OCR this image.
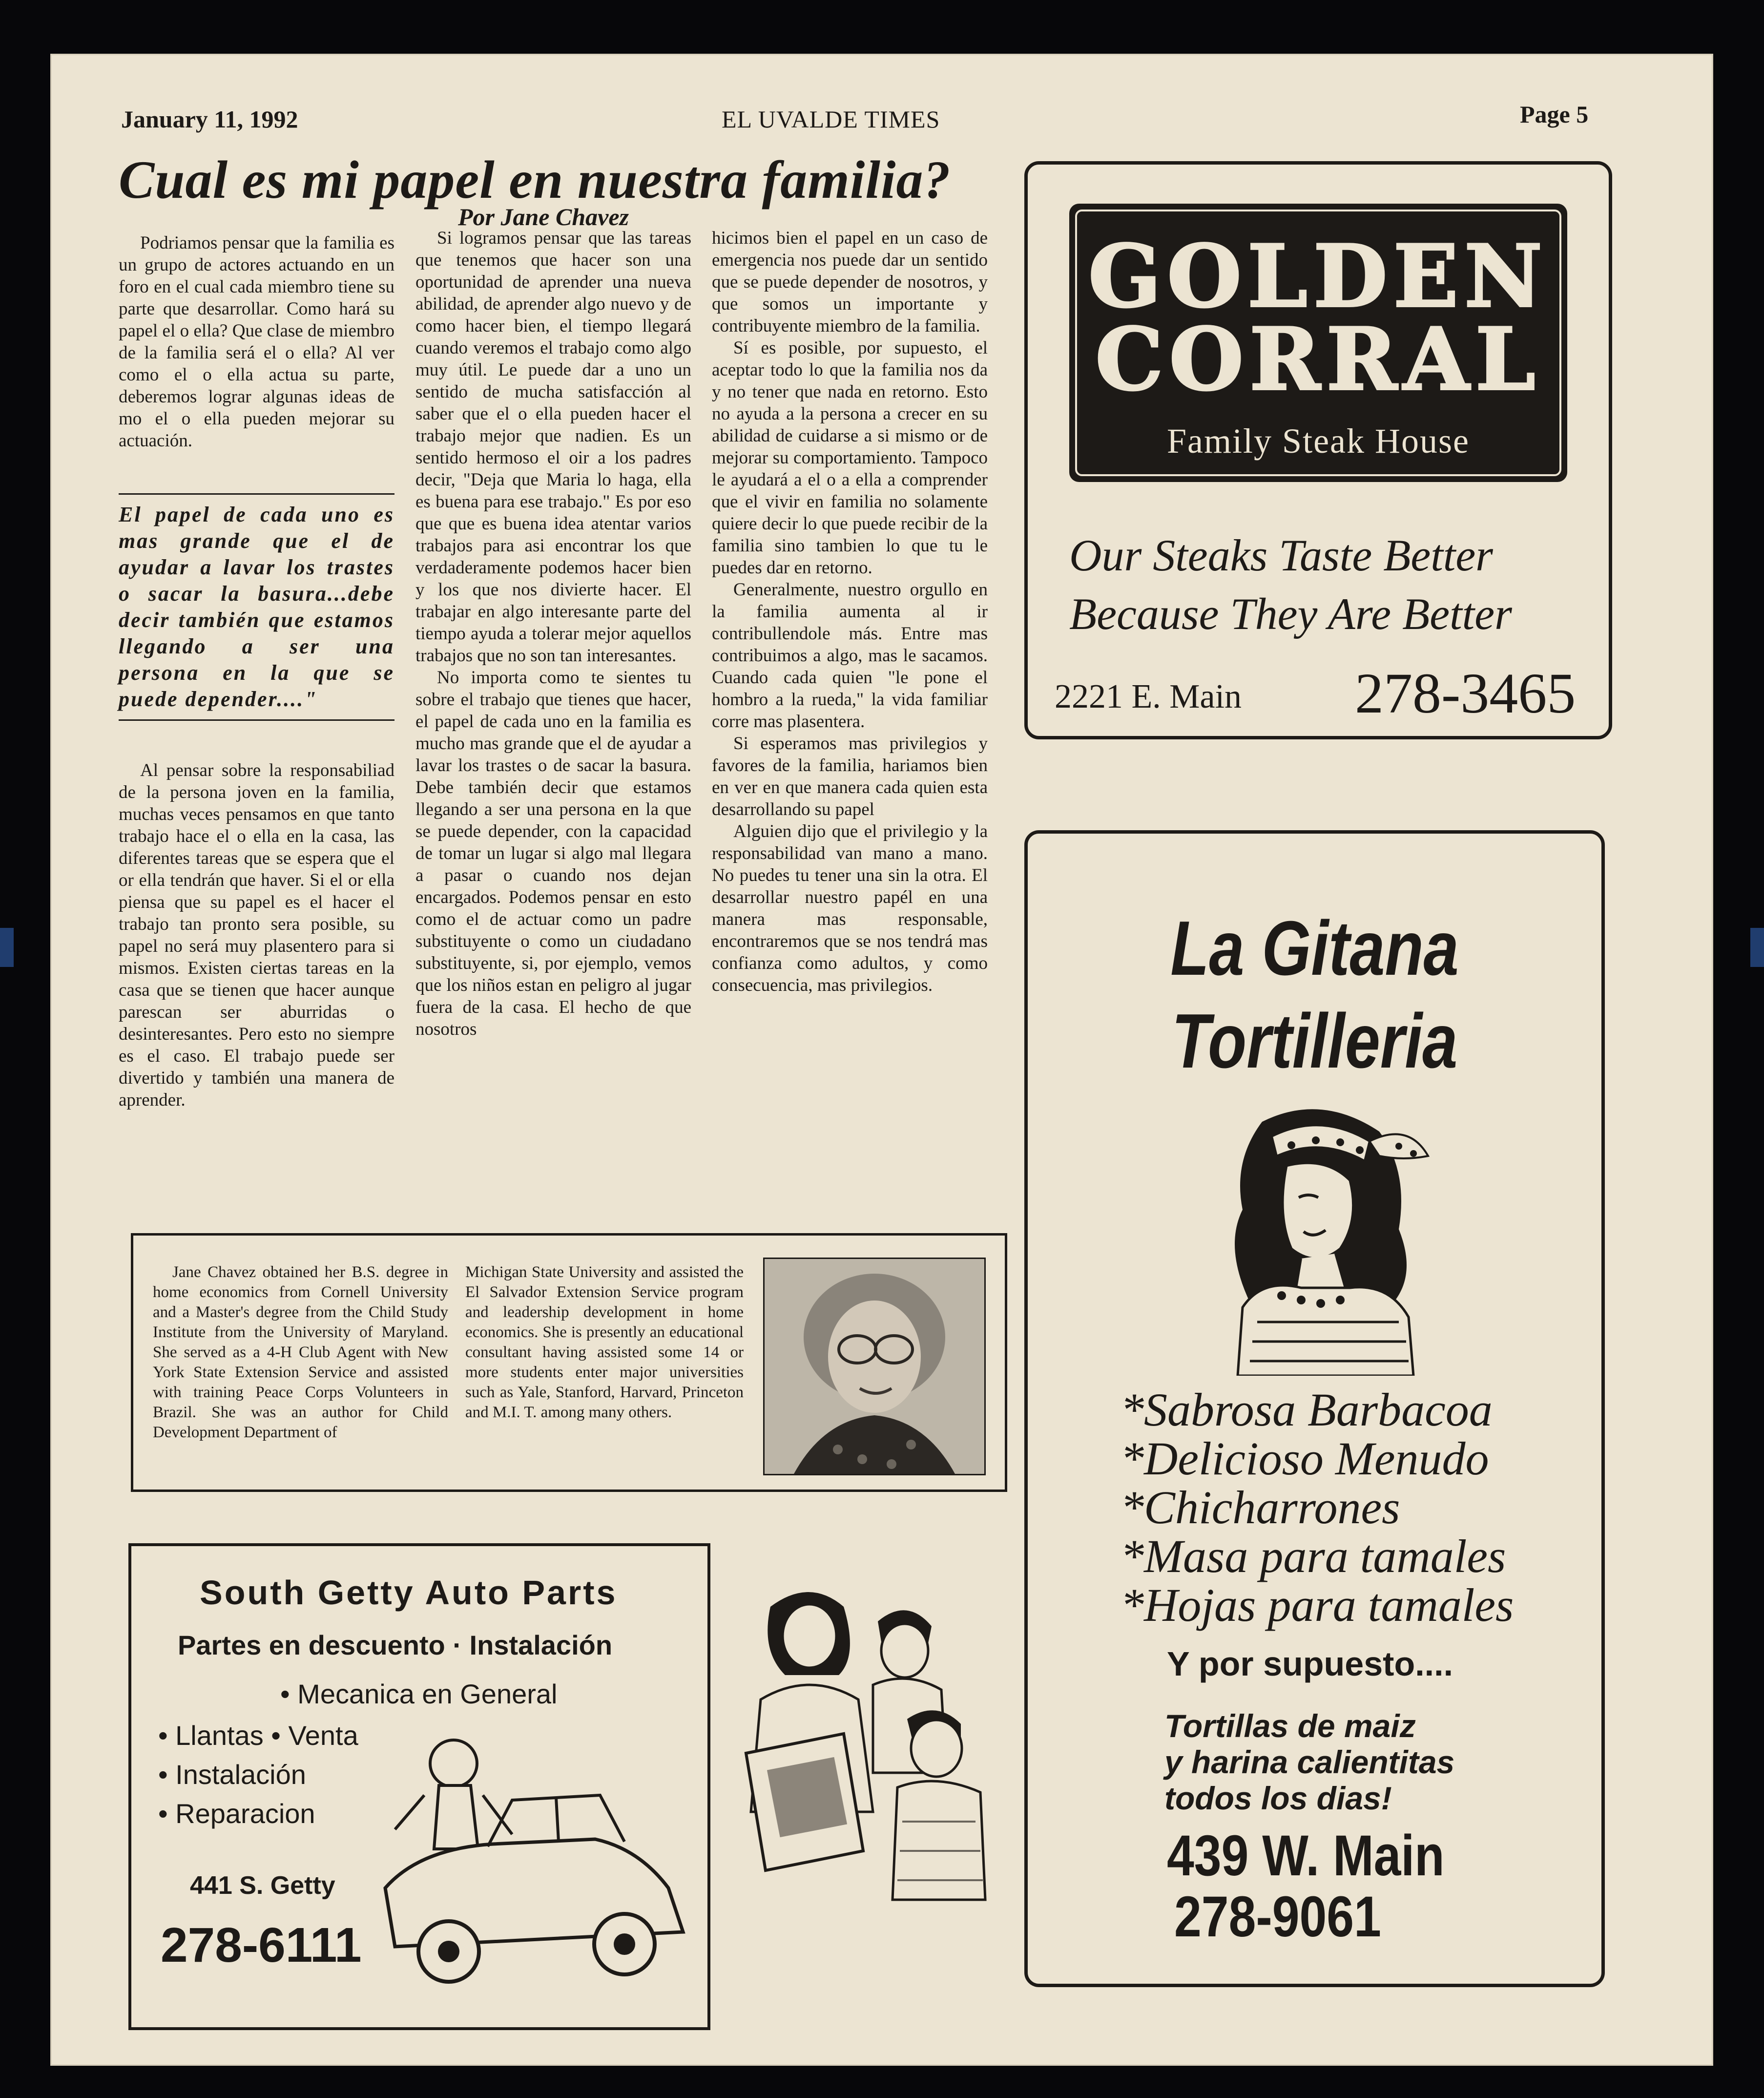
January 11, 1992	EL UVALDE TIMES	Page 5
Cual es mi papel en nuestra familia?
Por Jane Chavez

Podriamos pensar que la familia es un grupo de actores actuando en un foro en el cual cada miembro tiene su parte que desarrollar. Como hará su papel el o ella? Que clase de miembro de la familia será el o ella? Al ver como el o ella actua su parte, deberemos lograr algunas ideas de mo el o ella pueden mejorar su actuación.

El papel de cada uno es mas grande que el de ayudar a lavar los trastes o sacar la basura...debe decir también que estamos llegando a ser una persona en la que se puede depender...."

Al pensar sobre la responsabiliad de la persona joven en la familia, muchas veces pensamos en que tanto trabajo hace el o ella en la casa, las diferentes tareas que se espera que el or ella tendrán que haver. Si el or ella piensa que su papel es el hacer el trabajo tan pronto sera posible, su papel no será muy plasentero para si mismos. Existen ciertas tareas en la casa que se tienen que hacer aunque parescan ser aburridas o desinteresantes. Pero esto no siempre es el caso. El trabajo puede ser divertido y también una manera de aprender.

Si logramos pensar que las tareas que tenemos que hacer son una oportunidad de aprender una nueva abilidad, de aprender algo nuevo y de como hacer bien, el tiempo llegará cuando veremos el trabajo como algo muy útil. Le puede dar a uno un sentido de mucha satisfacción al saber que el o ella pueden hacer el trabajo mejor que nadien. Es un sentido hermoso el oir a los padres decir, "Deja que Maria lo haga, ella es buena para ese trabajo." Es por eso que que es buena idea atentar varios trabajos para asi encontrar los que verdaderamente podemos hacer bien y los que nos divierte hacer. El trabajar en algo interesante parte del tiempo ayuda a tolerar mejor aquellos trabajos que no son tan interesantes.

No importa como te sientes tu sobre el trabajo que tienes que hacer, el papel de cada uno en la familia es mucho mas grande que el de ayudar a lavar los trastes o de sacar la basura. Debe también decir que estamos llegando a ser una persona en la que se puede depender, con la capacidad de tomar un lugar si algo mal llegara a pasar o cuando nos dejan encargados. Podemos pensar en esto como el de actuar como un padre substituyente o como un ciudadano substituyente, si, por ejemplo, vemos que los niños estan en peligro al jugar fuera de la casa. El hecho de que nosotros

hicimos bien el papel en un caso de emergencia nos puede dar un sentido que se puede depender de nosotros, y que somos un importante y contribuyente miembro de la familia.

Sí es posible, por supuesto, el aceptar todo lo que la familia nos da y no tener que nada en retorno. Esto no ayuda a la persona a crecer en su abilidad de cuidarse a si mismo or de mejorar su comportamiento. Tampoco le ayudará a el o a ella a comprender que el vivir en familia no solamente quiere decir lo que puede recibir de la familia sino tambien lo que tu le puedes dar en retorno.

Generalmente, nuestro orgullo en la familia aumenta al ir contribullendole más. Entre mas contribuimos a algo, mas le sacamos. Cuando cada quien "le pone el hombro a la rueda," la vida familiar corre mas plasentera.

Si esperamos mas privilegios y favores de la familia, hariamos bien en ver en que manera cada quien esta desarrollando su papel

Alguien dijo que el privilegio y la responsabilidad van mano a mano. No puedes tu tener una sin la otra. El desarrollar nuestro papél en una manera mas responsable, encontraremos que se nos tendrá mas confianza como adultos, y como consecuencia, mas privilegios.

Jane Chavez obtained her B.S. degree in home economics from Cornell University and a Master's degree from the Child Study Institute from the University of Maryland. She served as a 4-H Club Agent with New York State Extension Service and assisted with training Peace Corps Volunteers in Brazil. She was an author for Child Development Department of

Michigan State University and assisted the El Salvador Extension Service program and leadership development in home economics. She is presently an educational consultant having assisted some 14 or more students enter major universities such as Yale, Stanford, Harvard, Princeton and M.I. T. among many others.

GOLDEN
CORRAL
Family Steak House
Our Steaks Taste Better
Because They Are Better
2221 E. Main 278-3465
La Gitana
Tortilleria
*Sabrosa Barbacoa
*Delicioso Menudo
*Chicharrones
*Masa para tamales
*Hojas para tamales
Y por supuesto....
Tortillas de maiz
y harina calientitas
todos los dias!
439 W. Main
278-9061
South Getty Auto Parts
Partes en descuento · Instalación
• Mecanica en General
• Llantas • Venta
• Instalación
• Reparacion
441 S. Getty
278-6111
